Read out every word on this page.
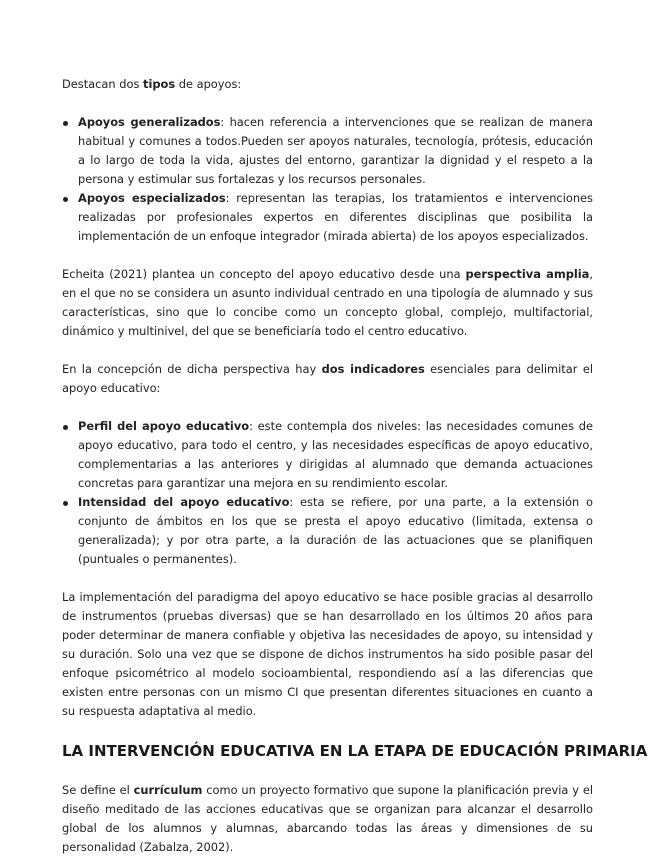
Destacan dos tipos de apoyos:

Apoyos generalizados: hacen referencia a intervenciones que se realizan de manera habitual y comunes a todos.Pueden ser apoyos naturales, tecnología, prótesis, educación a lo largo de toda la vida, ajustes del entorno, garantizar la dignidad y el respeto a la persona y estimular sus fortalezas y los recursos personales.
Apoyos especializados: representan las terapias, los tratamientos e intervenciones realizadas por profesionales expertos en diferentes disciplinas que posibilita la implementación de un enfoque integrador (mirada abierta) de los apoyos especializados.

Echeita (2021) plantea un concepto del apoyo educativo desde una perspectiva amplia, en el que no se considera un asunto individual centrado en una tipología de alumnado y sus características, sino que lo concibe como un concepto global, complejo, multifactorial, dinámico y multinivel, del que se beneficiaría todo el centro educativo.

En la concepción de dicha perspectiva hay dos indicadores esenciales para delimitar el apoyo educativo:

Perfil del apoyo educativo: este contempla dos niveles: las necesidades comunes de apoyo educativo, para todo el centro, y las necesidades específicas de apoyo educativo, complementarias a las anteriores y dirigidas al alumnado que demanda actuaciones concretas para garantizar una mejora en su rendimiento escolar.
Intensidad del apoyo educativo: esta se refiere, por una parte, a la extensión o conjunto de ámbitos en los que se presta el apoyo educativo (limitada, extensa o generalizada); y por otra parte, a la duración de las actuaciones que se planifiquen (puntuales o permanentes).

La implementación del paradigma del apoyo educativo se hace posible gracias al desarrollo de instrumentos (pruebas diversas) que se han desarrollado en los últimos 20 años para poder determinar de manera confiable y objetiva las necesidades de apoyo, su intensidad y su duración. Solo una vez que se dispone de dichos instrumentos ha sido posible pasar del enfoque psicométrico al modelo socioambiental, respondiendo así a las diferencias que existen entre personas con un mismo CI que presentan diferentes situaciones en cuanto a su respuesta adaptativa al medio.

LA INTERVENCIÓN EDUCATIVA EN LA ETAPA DE EDUCACIÓN PRIMARIA

Se define el currículum como un proyecto formativo que supone la planificación previa y el diseño meditado de las acciones educativas que se organizan para alcanzar el desarrollo global de los alumnos y alumnas, abarcando todas las áreas y dimensiones de su personalidad (Zabalza, 2002).
